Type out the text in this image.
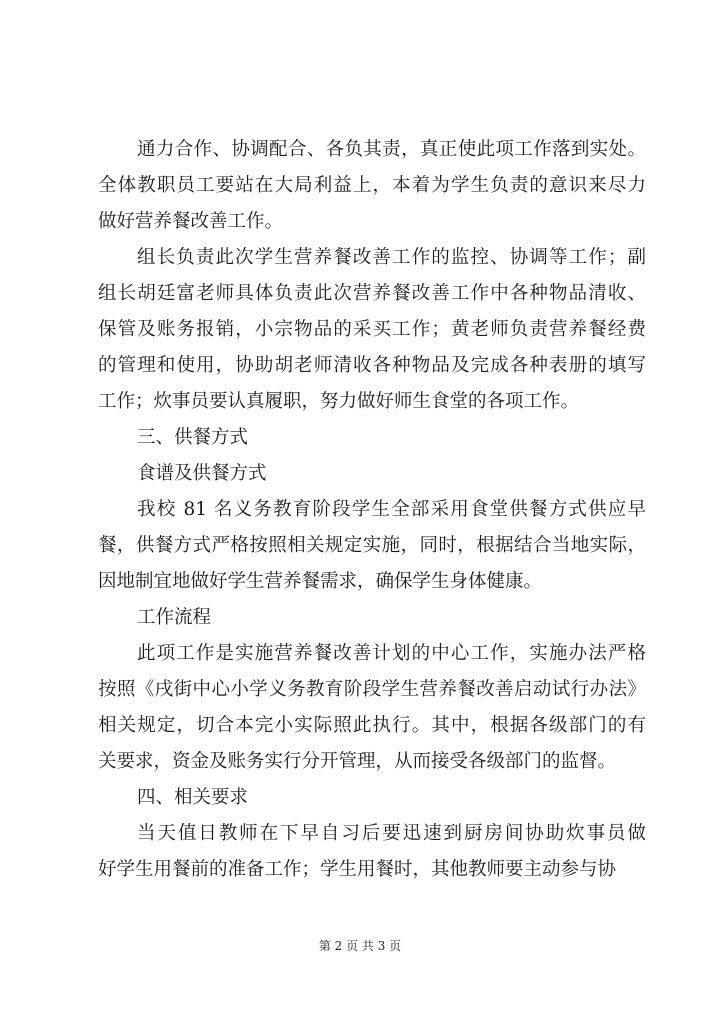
通力合作、协调配合、各负其责，真正使此项工作落到实处。
全体教职员工要站在大局利益上，本着为学生负责的意识来尽力
做好营养餐改善工作。
组长负责此次学生营养餐改善工作的监控、协调等工作；副
组长胡廷富老师具体负责此次营养餐改善工作中各种物品清收、
保管及账务报销，小宗物品的采买工作；黄老师负责营养餐经费
的管理和使用，协助胡老师清收各种物品及完成各种表册的填写
工作；炊事员要认真履职，努力做好师生食堂的各项工作。
三、供餐方式
食谱及供餐方式
我校 81 名义务教育阶段学生全部采用食堂供餐方式供应早
餐，供餐方式严格按照相关规定实施，同时，根据结合当地实际，
因地制宜地做好学生营养餐需求，确保学生身体健康。
工作流程
此项工作是实施营养餐改善计划的中心工作，实施办法严格
按照《戌街中心小学义务教育阶段学生营养餐改善启动试行办法》
相关规定，切合本完小实际照此执行。其中，根据各级部门的有
关要求，资金及账务实行分开管理，从而接受各级部门的监督。
四、相关要求
当天值日教师在下早自习后要迅速到厨房间协助炊事员做
好学生用餐前的准备工作；学生用餐时，其他教师要主动参与协
第 2 页 共 3 页
